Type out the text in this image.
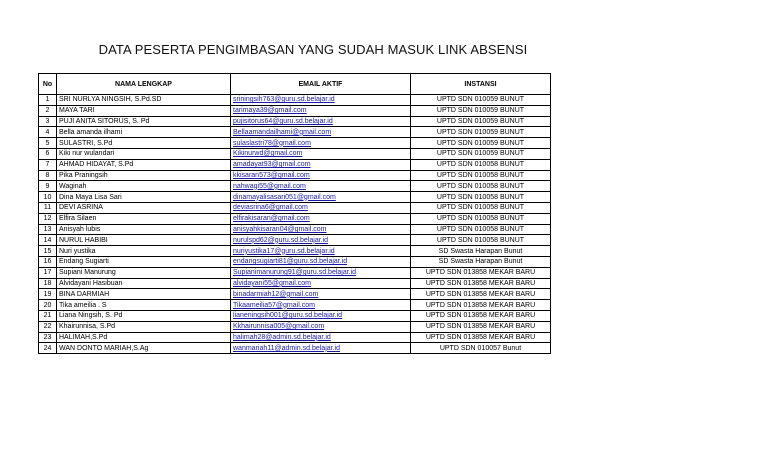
DATA PESERTA PENGIMBASAN YANG SUDAH MASUK LINK ABSENSI
No	NAMA LENGKAP	EMAIL AKTIF	INSTANSI
1	SRI NURLYA NINGSIH, S.Pd.SD	sriningsih763@guru.sd.belajar.id	UPTD SDN 010059 BUNUT
2	MAYA TARI	tarimaya39@gmail.com	UPTD SDN 010059 BUNUT
3	PUJI ANITA SITORUS, S. Pd	pujisitorus64@guru.sd.belajar.id	UPTD SDN 010059 BUNUT
4	Bella amanda ilhami	Bellaamandailhami@gmail.com	UPTD SDN 010059 BUNUT
5	SULASTRI, S.Pd	sulaslastri78@gmail.com	UPTD SDN 010059 BUNUT
6	Kiki nur wulandari	Kikinurwd@gmail.com	UPTD SDN 010059 BUNUT
7	AHMAD HIDAYAT, S.Pd	amadayat93@gmail.com	UPTD SDN 010058 BUNUT
8	Pika Praningsih	kkisaran573@gmail.com	UPTD SDN 010058 BUNUT
9	Waginah	nahwagi55@gmail.com	UPTD SDN 010058 BUNUT
10	Dina Maya Lisa Sari	dinamayalisasari051@gmail.com	UPTD SDN 010058 BUNUT
11	DEVI ASRINA	deviasrina6@gmail.com	UPTD SDN 010058 BUNUT
12	Elfira Silaen	elfirakisaran@gmail.com	UPTD SDN 010058 BUNUT
13	Anisyah lubis	anisyahkisaran04@gmail.com	UPTD SDN 010058 BUNUT
14	NURUL HABIBI	nurulspd62@guru.sd.belajar.id	UPTD SDN 010058 BUNUT
15	Nuri yustika	nuriyustika17@guru.sd.belajar.id	SD Swasta Harapan Bunut
16	Endang Sugiarti	endangsugiarti81@guru.sd.belajar.id	SD Swasta Harapan Bunut
17	Supiani Manurung	Supianimanurung91@guru.sd.belajar.id	UPTD SDN 013858 MEKAR BARU
18	Alvidayani Hasibuan	alvidayani55@gmail.com	UPTD SDN 013858 MEKAR BARU
19	BINA DARMIAH	binadarmiah12@gmail.com	UPTD SDN 013858 MEKAR BARU
20	Tika ameilia . S	Tikaameilia57@gmail.com	UPTD SDN 013858 MEKAR BARU
21	Liana Ningsih, S. Pd	lianeningsih001@guru.sd.belajar.id	UPTD SDN 013858 MEKAR BARU
22	Khairunnisa, S.Pd	Kkhairunnisa005@gmail.com	UPTD SDN 013858 MEKAR BARU
23	HALIMAH,S.Pd	halimah28@admin.sd.belajar.id	UPTD SDN 013858 MEKAR BARU
24	WAN DONTO MARIAH,S.Ag	wanmariah11@admin.sd.belajar.id	UPTD SDN 010057 Bunut
